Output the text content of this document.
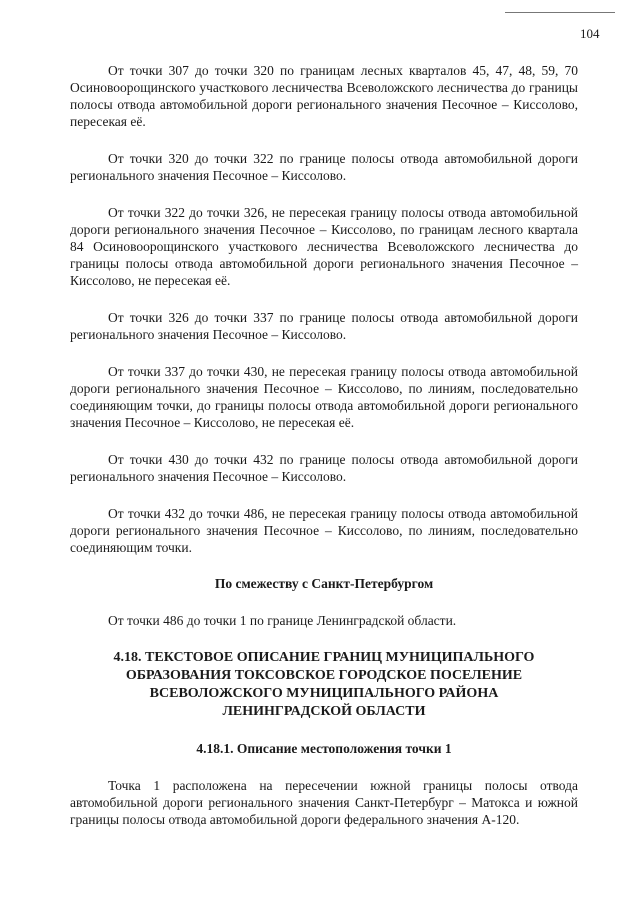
104

От точки 307 до точки 320 по границам лесных кварталов 45, 47, 48, 59, 70 Осиновоорощинского участкового лесничества Всеволожского лесничества до границы полосы отвода автомобильной дороги регионального значения Песочное – Киссолово, пересекая её.

От точки 320 до точки 322 по границе полосы отвода автомобильной дороги регионального значения Песочное – Киссолово.

От точки 322 до точки 326, не пересекая границу полосы отвода автомобильной дороги регионального значения Песочное – Киссолово, по границам лесного квартала 84 Осиновоорощинского участкового лесничества Всеволожского лесничества до границы полосы отвода автомобильной дороги регионального значения Песочное – Киссолово, не пересекая её.

От точки 326 до точки 337 по границе полосы отвода автомобильной дороги регионального значения Песочное – Киссолово.

От точки 337 до точки 430, не пересекая границу полосы отвода автомобильной дороги регионального значения Песочное – Киссолово, по линиям, последовательно соединяющим точки, до границы полосы отвода автомобильной дороги регионального значения Песочное – Киссолово, не пересекая её.

От точки 430 до точки 432 по границе полосы отвода автомобильной дороги регионального значения Песочное – Киссолово.

От точки 432 до точки 486, не пересекая границу полосы отвода автомобильной дороги регионального значения Песочное – Киссолово, по линиям, последовательно соединяющим точки.

По смежеству с Санкт-Петербургом

От точки 486 до точки 1 по границе Ленинградской области.

4.18. ТЕКСТОВОЕ ОПИСАНИЕ ГРАНИЦ МУНИЦИПАЛЬНОГО
ОБРАЗОВАНИЯ ТОКСОВСКОЕ ГОРОДСКОЕ ПОСЕЛЕНИЕ
ВСЕВОЛОЖСКОГО МУНИЦИПАЛЬНОГО РАЙОНА
ЛЕНИНГРАДСКОЙ ОБЛАСТИ
4.18.1. Описание местоположения точки 1

Точка 1 расположена на пересечении южной границы полосы отвода автомобильной дороги регионального значения Санкт-Петербург – Матокса и южной границы полосы отвода автомобильной дороги федерального значения А-120.
